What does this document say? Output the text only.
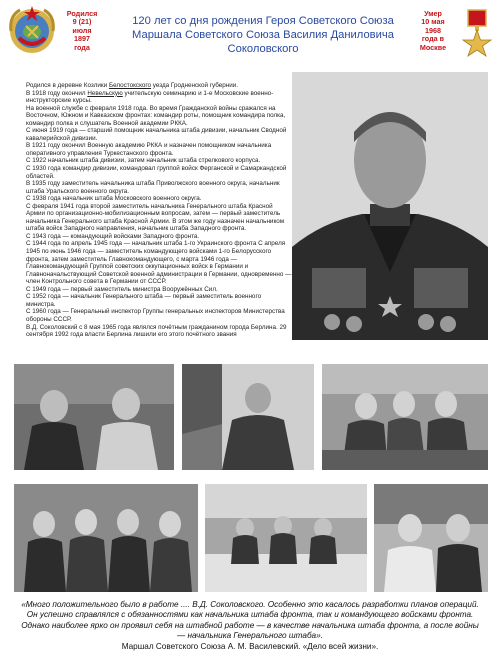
Родился
9 (21)
июля
1897
года
120 лет со дня рождения Героя Советского Союза
Маршала Советского Союза Василия Даниловича Соколовского
Умер
10 мая
1968
года в
Москве

Родился в деревне Козлики Белостокского уезда Гродненской губернии.

В 1918 году окончил Невельскую учительскую семинарию и 1-е Московские военно-инструкторские курсы.

На военной службе с февраля 1918 года. Во время Гражданской войны сражался на Восточном, Южном и Кавказском фронтах: командир роты, помощник командира полка, командир полка и слушатель Военной академии РККА.

С июня 1919 года — старший помощник начальника штаба дивизии, начальник Сводной кавалерийской дивизии.

В 1921 году окончил Военную академию РККА и назначен помощником начальника оперативного управления Туркестанского фронта.

С 1922 начальник штаба дивизии, затем начальник штаба стрелкового корпуса.

С 1930 года командир дивизии, командовал группой войск Ферганской и Самаркандской областей.

В 1935 году заместитель начальника штаба Приволжского военного округа, начальник штаба Уральского военного округа.

С 1938 года начальник штаба Московского военного округа.

С февраля 1941 года второй заместитель начальника Генерального штаба Красной Армии по организационно-мобилизационным вопросам, затем — первый заместитель начальника Генерального штаба Красной Армии. В этом же году назначен начальником штаба войск Западного направления, начальник штаба Западного фронта.

С 1943 года — командующий войсками Западного фронта.

С 1944 года по апрель 1945 года — начальник штаба 1-го Украинского фронта С апреля 1945 по июнь 1946 года — заместитель командующего войсками 1-го Белорусского фронта, затем заместитель Главнокомандующего, с марта 1946 года — Главнокомандующий Группой советских оккупационных войск в Германии и Главноначальствующий Советской военной администрации в Германии, одновременно — член Контрольного совета в Германии от СССР.

С 1949 года — первый заместитель министра Вооружённых Сил.

С 1952 года — начальник Генерального штаба — первый заместитель военного министра.

С 1960 года — Генеральный инспектор Группы генеральных инспекторов Министерства обороны СССР.

В.Д. Соколовский с 8 мая 1965 года являлся почётным гражданином города Берлина. 29 сентября 1992 года власти Берлина лишили его этого почётного звания

«Много положительного было в работе .... В.Д. Соколовского. Особенно это касалось разработки планов операций. Он успешно справлялся с обязанностями как начальника штаба фронта, так и командующего войсками фронта. Однако наиболее ярко он проявил себя на штабной работе — в качестве начальника штаба фронта, а после войны — начальника Генерального штаба».
Маршал Советского Союза А. М. Василевский. «Дело всей жизни».
